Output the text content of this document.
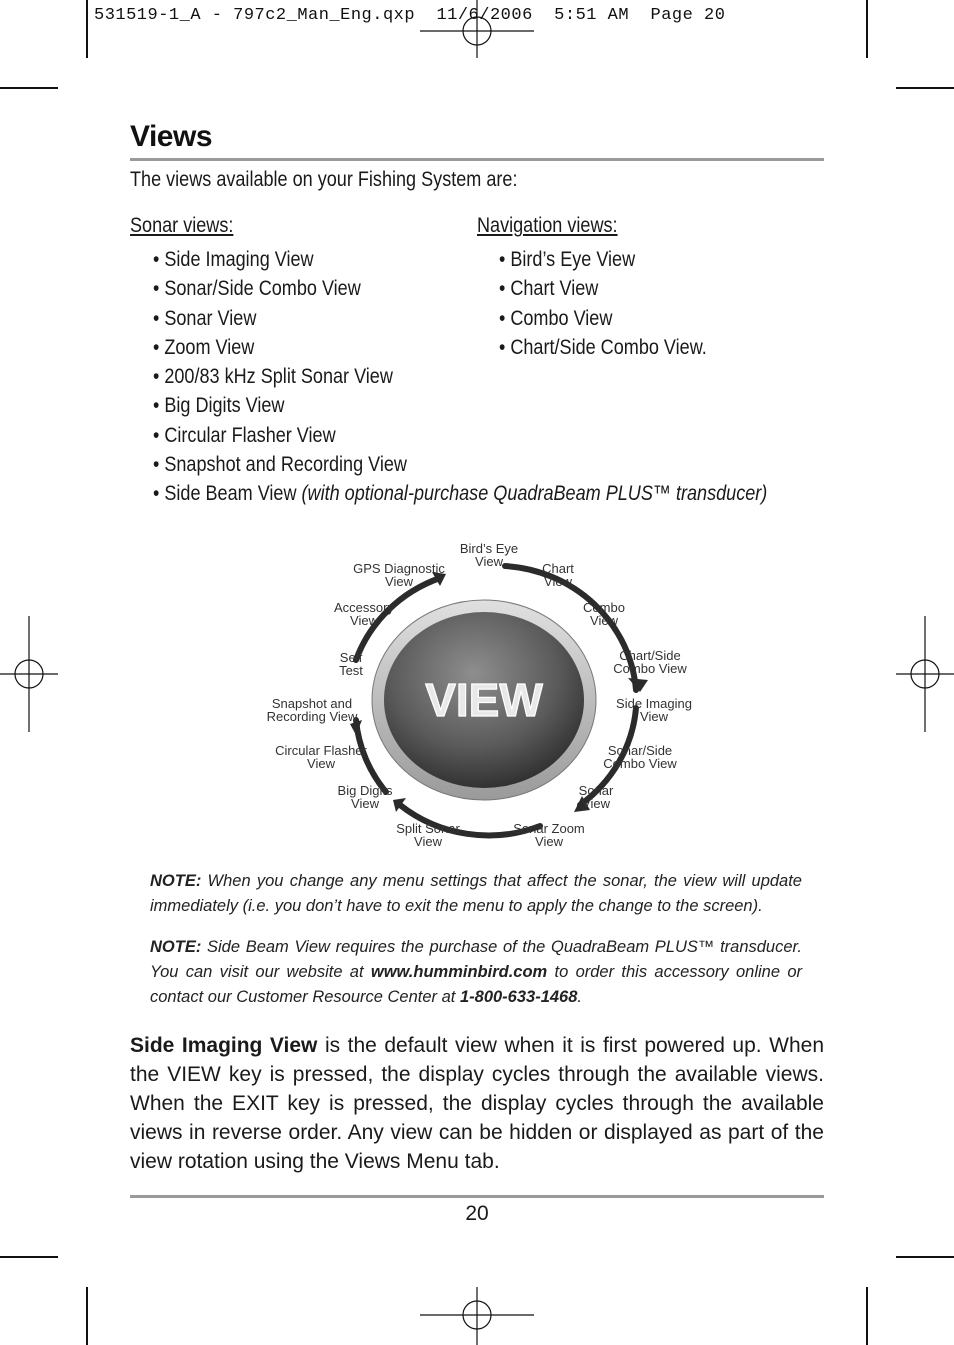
531519-1_A - 797c2_Man_Eng.qxp  11/6/2006  5:51 AM  Page 20
Views
The views available on your Fishing System are:
Sonar views:
• Side Imaging View
• Sonar/Side Combo View
• Sonar View
• Zoom View
• 200/83 kHz Split Sonar View
• Big Digits View
• Circular Flasher View
• Snapshot and Recording View
• Side Beam View (with optional-purchase QuadraBeam PLUS™ transducer)
Navigation views:
• Bird’s Eye View
• Chart View
• Combo View
• Chart/Side Combo View.
VIEW
Bird’s Eye
View	Chart
View
Combo
View
Chart/Side
Combo View
Side Imaging
View
Sonar/Side
Combo View
Sonar
View
Sonar Zoom
View
Split Sonar
View
Big Digits
View
Circular Flasher
View
Snapshot and
Recording View
Self
Test
Accessory
View
GPS Diagnostic
View
NOTE: When you change any menu settings that affect the sonar, the view will update immediately (i.e. you don’t have to exit the menu to apply the change to the screen).
NOTE: Side Beam View requires the purchase of the QuadraBeam PLUS™ transducer. You can visit our website at www.humminbird.com to order this accessory online or contact our Customer Resource Center at 1-800-633-1468.
Side Imaging View is the default view when it is first powered up. When the VIEW key is pressed, the display cycles through the available views. When the EXIT key is pressed, the display cycles through the available views in reverse order. Any view can be hidden or displayed as part of the view rotation using the Views Menu tab.
20
